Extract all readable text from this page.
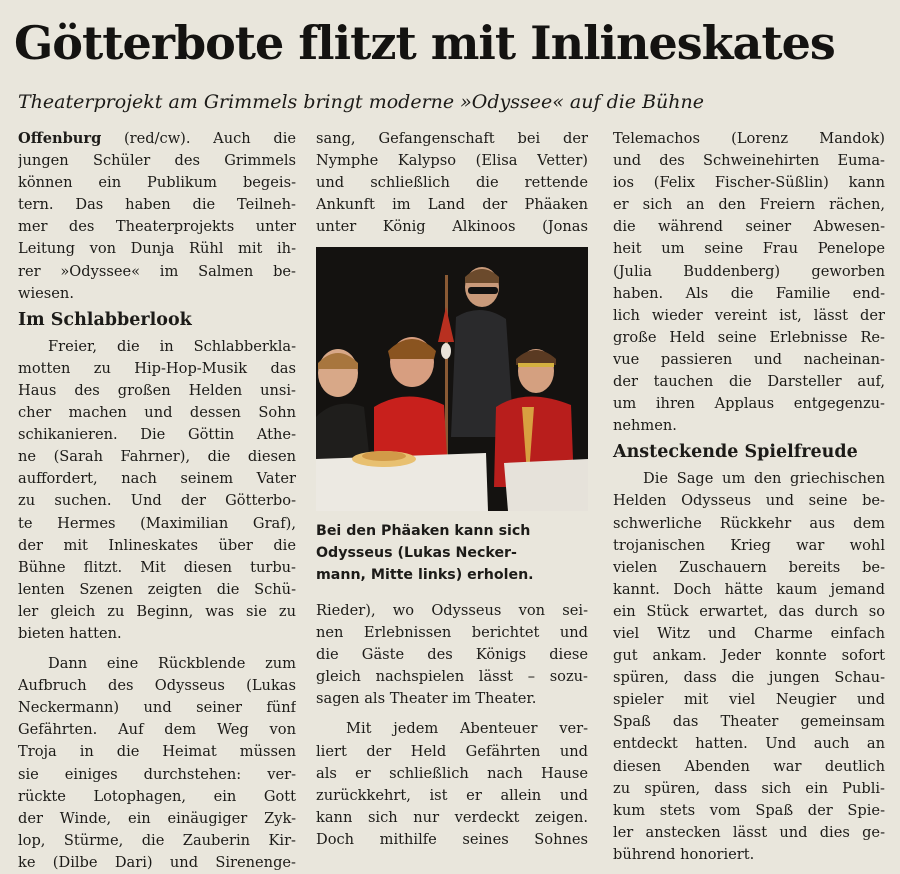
Götterbote flitzt mit Inlineskates
Theaterprojekt am Grimmels bringt moderne »Odyssee« auf die Bühne
Offenburg (red/cw). Auch die
jungen Schüler des Grimmels
können ein Publikum begeis-
tern. Das haben die Teilneh-
mer des Theaterprojekts unter
Leitung von Dunja Rühl mit ih-
rer »Odyssee« im Salmen be-
wiesen.
Im Schlabberlook
Freier, die in Schlabberkla-
motten zu Hip-Hop-Musik das
Haus des großen Helden unsi-
cher machen und dessen Sohn
schikanieren. Die Göttin Athe-
ne (Sarah Fahrner), die diesen
auffordert, nach seinem Vater
zu suchen. Und der Götterbo-
te Hermes (Maximilian Graf),
der mit Inlineskates über die
Bühne flitzt. Mit diesen turbu-
lenten Szenen zeigten die Schü-
ler gleich zu Beginn, was sie zu
bieten hatten.
Dann eine Rückblende zum
Aufbruch des Odysseus (Lukas
Neckermann) und seiner fünf
Gefährten. Auf dem Weg von
Troja in die Heimat müssen
sie einiges durchstehen: ver-
rückte Lotophagen, ein Gott
der Winde, ein einäugiger Zyk-
lop, Stürme, die Zauberin Kir-
ke (Dilbe Dari) und Sirenenge-
sang, Gefangenschaft bei der
Nymphe Kalypso (Elisa Vetter)
und schließlich die rettende
Ankunft im Land der Phäaken
unter König Alkinoos (Jonas
Bei den Phäaken kann sich
Odysseus (Lukas Necker-
mann, Mitte links) erholen.
Rieder), wo Odysseus von sei-
nen Erlebnissen berichtet und
die Gäste des Königs diese
gleich nachspielen lässt – sozu-
sagen als Theater im Theater.
Mit jedem Abenteuer ver-
liert der Held Gefährten und
als er schließlich nach Hause
zurückkehrt, ist er allein und
kann sich nur verdeckt zeigen.
Doch mithilfe seines Sohnes
Telemachos (Lorenz Mandok)
und des Schweinehirten Euma-
ios (Felix Fischer-Süßlin) kann
er sich an den Freiern rächen,
die während seiner Abwesen-
heit um seine Frau Penelope
(Julia Buddenberg) geworben
haben. Als die Familie end-
lich wieder vereint ist, lässt der
große Held seine Erlebnisse Re-
vue passieren und nacheinan-
der tauchen die Darsteller auf,
um ihren Applaus entgegenzu-
nehmen.
Ansteckende Spielfreude
Die Sage um den griechischen
Helden Odysseus und seine be-
schwerliche Rückkehr aus dem
trojanischen Krieg war wohl
vielen Zuschauern bereits be-
kannt. Doch hätte kaum jemand
ein Stück erwartet, das durch so
viel Witz und Charme einfach
gut ankam. Jeder konnte sofort
spüren, dass die jungen Schau-
spieler mit viel Neugier und
Spaß das Theater gemeinsam
entdeckt hatten. Und auch an
diesen Abenden war deutlich
zu spüren, dass sich ein Publi-
kum stets vom Spaß der Spie-
ler anstecken lässt und dies ge-
bührend honoriert.
